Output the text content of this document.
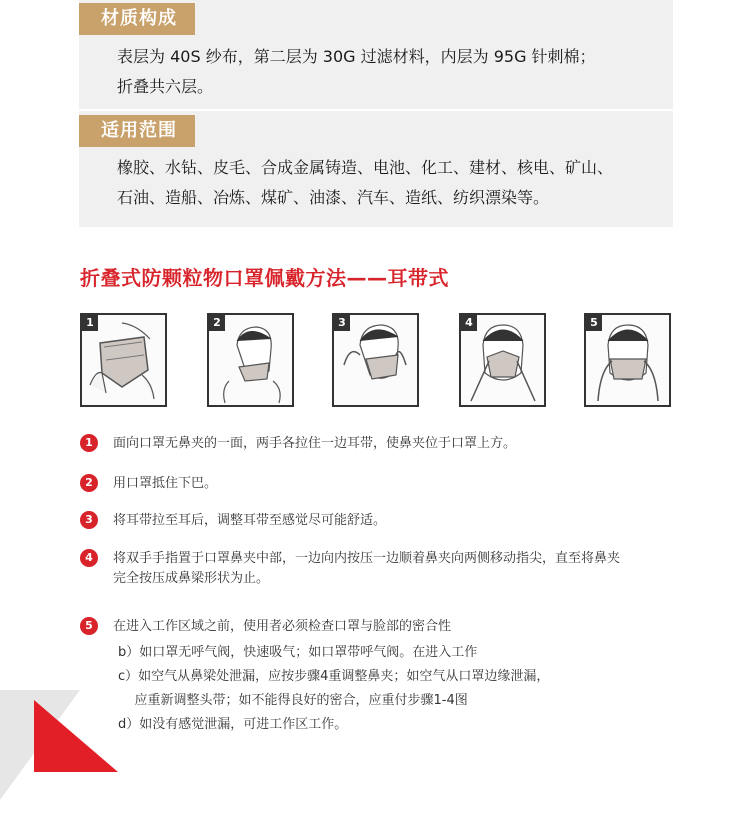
材质构成
表层为 40S 纱布，第二层为 30G 过滤材料，内层为 95G 针刺棉；
折叠共六层。
适用范围
橡胶、水钻、皮毛、合成金属铸造、电池、化工、建材、核电、矿山、
石油、造船、冶炼、煤矿、油漆、汽车、造纸、纺织漂染等。
折叠式防颗粒物口罩佩戴方法——耳带式
1	2	3	4	5
1	面向口罩无鼻夹的一面，两手各拉住一边耳带，使鼻夹位于口罩上方。
2	用口罩抵住下巴。
3	将耳带拉至耳后，调整耳带至感觉尽可能舒适。
4	将双手手指置于口罩鼻夹中部，一边向内按压一边顺着鼻夹向两侧移动指尖，直至将鼻夹
完全按压成鼻梁形状为止。
5	在进入工作区域之前，使用者必须检查口罩与脸部的密合性
b）如口罩无呼气阀，快速吸气；如口罩带呼气阀。在进入工作
c）如空气从鼻梁处泄漏，应按步骤4重调整鼻夹；如空气从口罩边缘泄漏，
应重新调整头带；如不能得良好的密合，应重付步骤1-4图
d）如没有感觉泄漏，可进工作区工作。
